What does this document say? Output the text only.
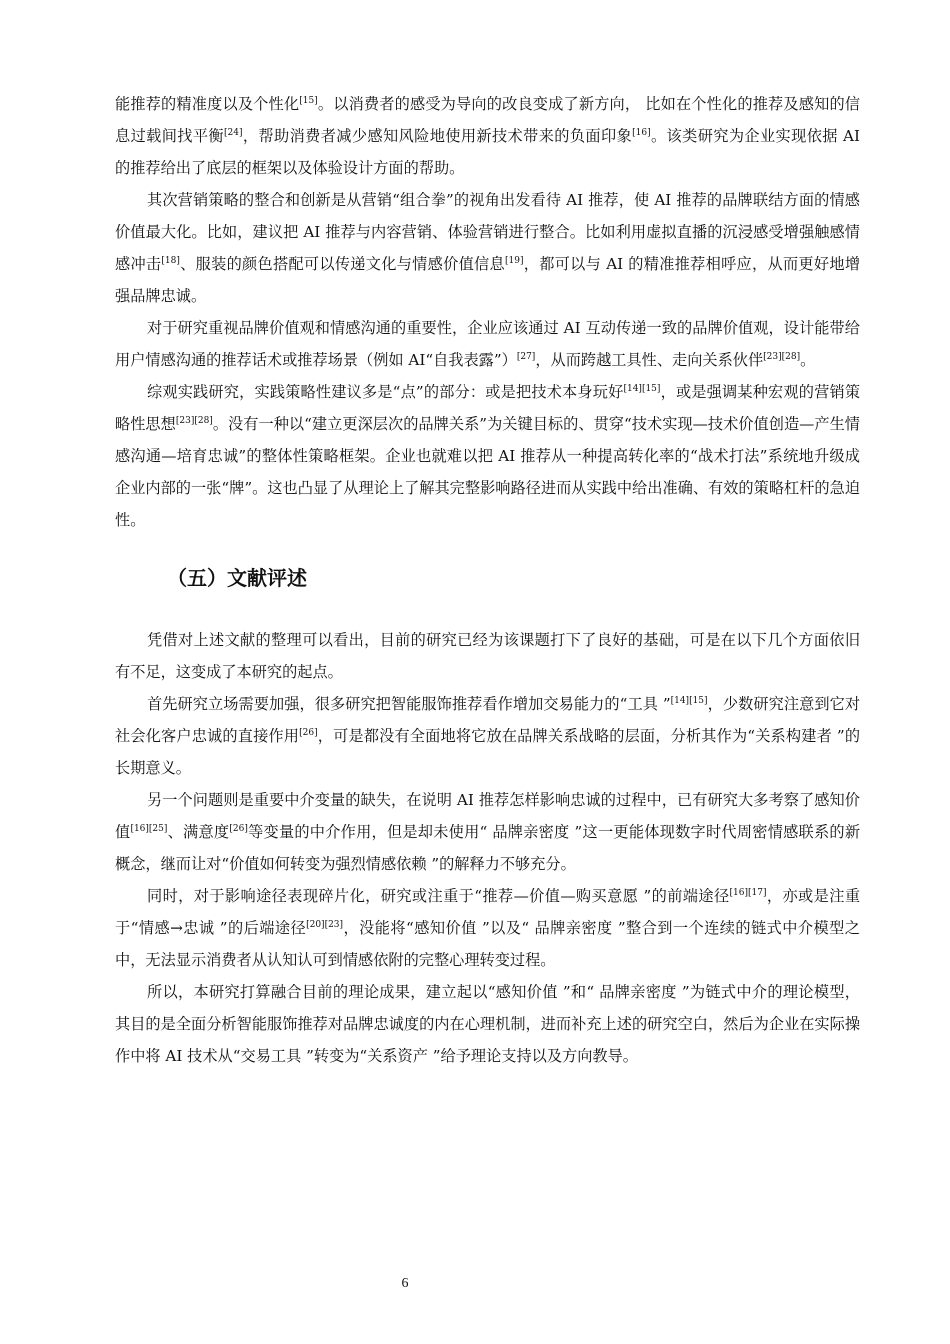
能推荐的精准度以及个性化[15]。以消费者的感受为导向的改良变成了新方向， 比如在个性化的推荐及感知的信息过载间找平衡[24]，帮助消费者减少感知风险地使用新技术带来的负面印象[16]。该类研究为企业实现依据 AI 的推荐给出了底层的框架以及体验设计方面的帮助。

其次营销策略的整合和创新是从营销“组合拳”的视角出发看待 AI 推荐，使 AI 推荐的品牌联结方面的情感价值最大化。比如，建议把 AI 推荐与内容营销、体验营销进行整合。比如利用虚拟直播的沉浸感受增强触感情感冲击[18]、服装的颜色搭配可以传递文化与情感价值信息[19]，都可以与 AI 的精准推荐相呼应，从而更好地增强品牌忠诚。

对于研究重视品牌价值观和情感沟通的重要性，企业应该通过 AI 互动传递一致的品牌价值观，设计能带给用户情感沟通的推荐话术或推荐场景（例如 AI“自我表露”）[27]，从而跨越工具性、走向关系伙伴[23][28]。

综观实践研究，实践策略性建议多是“点”的部分：或是把技术本身玩好[14][15]，或是强调某种宏观的营销策略性思想[23][28]。没有一种以“建立更深层次的品牌关系”为关键目标的、贯穿“技术实现—技术价值创造—产生情感沟通—培育忠诚”的整体性策略框架。企业也就难以把 AI 推荐从一种提高转化率的“战术打法”系统地升级成企业内部的一张“牌”。这也凸显了从理论上了解其完整影响路径进而从实践中给出准确、有效的策略杠杆的急迫性。

（五）文献评述

凭借对上述文献的整理可以看出，目前的研究已经为该课题打下了良好的基础，可是在以下几个方面依旧有不足，这变成了本研究的起点。

首先研究立场需要加强，很多研究把智能服饰推荐看作增加交易能力的“工具 ”[14][15]，少数研究注意到它对社会化客户忠诚的直接作用[26]，可是都没有全面地将它放在品牌关系战略的层面，分析其作为“关系构建者 ”的长期意义。

另一个问题则是重要中介变量的缺失，在说明 AI 推荐怎样影响忠诚的过程中，已有研究大多考察了感知价值[16][25]、满意度[26]等变量的中介作用，但是却未使用“ 品牌亲密度 ”这一更能体现数字时代周密情感联系的新概念，继而让对“价值如何转变为强烈情感依赖 ”的解释力不够充分。

同时，对于影响途径表现碎片化，研究或注重于“推荐—价值—购买意愿 ”的前端途径[16][17]，亦或是注重于“情感→忠诚 ”的后端途径[20][23]，没能将“感知价值 ”以及“ 品牌亲密度 ”整合到一个连续的链式中介模型之中，无法显示消费者从认知认可到情感依附的完整心理转变过程。

所以，本研究打算融合目前的理论成果，建立起以“感知价值 ”和“ 品牌亲密度 ”为链式中介的理论模型，其目的是全面分析智能服饰推荐对品牌忠诚度的内在心理机制，进而补充上述的研究空白，然后为企业在实际操作中将 AI 技术从“交易工具 ”转变为“关系资产 ”给予理论支持以及方向教导。

6
